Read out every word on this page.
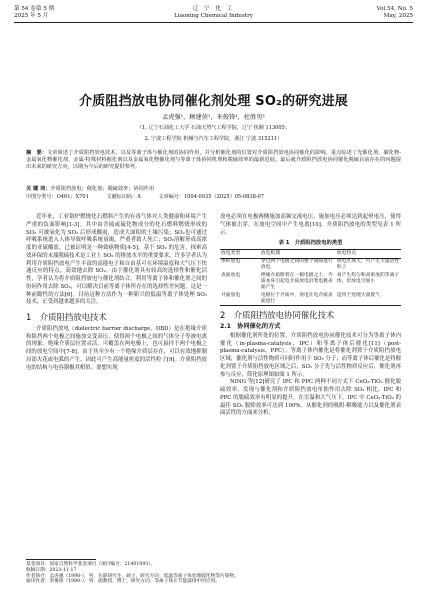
第 54 卷第 5 期
2025 年 5 月
辽 宁 化 工
Liaoning Chemical Industry
Vol.54, No. 5
May, 2025
介质阻挡放电协同催化剂处理 SO₂的研究进展
孟虎强¹，顾建侦¹，米俊锋¹，杜胜男²
（1. 辽宁石油化工大学 石油天然气工程学院，辽宁 抚顺 113005；
2. 宁波工程学院 机械与汽车工程学院，浙江 宁波 315211）
摘　要：文章简述了介质阻挡放电技术、以及等离子体与催化剂的协同作用，并分析催化剂的位置对介质阻挡放电协同催化的影响。重点综述了光催化剂、碳化物-金属氧化物催化剂、金属-特殊材料催化剂以及金属氧化物催化剂与等离子体协同机理和脱硫效率的最新进展。最后就介质阻挡放电协同催化脱硫目前存在的问题提出未来的研究方向，以期为今后的研究提供参考。
关 键 词：介质阻挡放电；催化剂；脱硫效率；协同作用
中图分类号：O461；X701	文献标识码：A	文章编号：1004-0935（2025）05-0838-07

近年来，工业锅炉燃烧化石燃料产生的有毒气体对人类健康和环境产生严重的负面影响[1-3]。其中由含硫或硫化物成分的化石燃料燃烧形成的 SO₂ 可被氧化为 SO₃ 后形成酸雨，造成大面积的土壤污染；SO₂也可通过呼吸系统进入人体导致呼吸系统衰竭，严重者致人死亡；SO₂溶解形成高浓度的亚硫酸盐，已被证明是一种致癌物质[4-5]。基于 SO₂ 的危害，探索高效环保的末端脱硫技术是工业上 SO₂ 的排放水平的重要要求。许多学者认为利用介质阻挡放电产生丰富的高能电子和自由基可在环境温度和大气压下快速反应的特点，高效地去除 SO₂。由于催化剂具有较高的选择性和催化活性，学者认为将介质阻挡放电与催化剂结合，利用等离子体和催化剂之间的协同作用去除 SO₂，可以解决目前等离子体所存在的选择性差问题，这是一种前瞻性的方法[6]。目前这种方法作为一种新兴的低温等离子体处理 SO₂ 技术，正受到越来越多的关注。

1　介质阻挡放电技术

介质阻挡放电（dielectric barrier discharge，DBD）是在绝缘介质和阻挡两个电极之间施加交变高压，使得两个电极之间的气体分子等被电离的现象。绝缘介质层位置灵活，可覆盖在两电极上，也可悬挂于两个电极之间的放电空间中[7-8]。由于其至少有一个绝缘介质层存在，可以有效地抑制局部火花或电弧的产生，因此可产生高能量密度的活性粒子[9]。介质阻挡放电的结构与电容器极其相似。要想实现

放电必须在电极两侧施加高频交流电压。施加电压必须达到起晕电压，使得气体被击穿，在放电空间中产生电离[10]。介质阻挡放电的类型见表 1 所示。

表 1　介质阻挡放电的类型

放电类型	放电机理	放电特点
体积放电	穿过两个电极之间的整个间隙进行放电	放电区域大，可产生大量活性粒子
表面放电	绝缘介质附着在一根电极之上，介质本身引起电介质放电沿着电极表面产生	易产生均匀和高密度的等离子体，但放电空间小
共面放电	电极位于介质中，放电在电介质表面进行	适用于处理大量废气

2　介质阻挡放电协同催化技术

2.1　协同催化的方式

根据催化剂所处的位置，介质阻挡放电协同催化技术可分为等离子体内催化（in-plasma-catalysis，IPC）和等离子体后催化[11]（post-plasma-catalysis，PPC）。等离子体内催化是将催化剂置于介质阻挡放电区域，催化剂与活性物质可同时作用于 SO₂ 分子；而等离子体后催化是将催化剂置于介质阻挡放电区域之后，SO₂ 分子先与活性物质反应后，催化剂再参与反应，简化原理图如图 1 所示。

NING 等[12]研究了 IPC 和 PPC 两种不同方式下 CeO₂-TiO₂ 催化脱硫效率，发现与催化剂和介质阻挡放电单独作用去除 SO₂ 相比，IPC 和 PPC 的脱硫效率有明显的提升。在室温和大气压下，IPC 中 CeO₂-TiO₂ 的最佳 SO₂ 脱除效率可达到 100%。从催化剂的吸附-解吸能力以及催化剂表面活性的方面来分析，

基金项目：国家自然科学基金项目（项目编号：21401093）。
收稿日期：2023-11-17
作者简介：孟虎强（1998-），男，在职研究生，硕士，研究方向：低温等离子体处理硫化物等污染物。
通讯作者：米俊锋（1980-），男，副教授，博士，研究方向：等离子体在节能减排中的应用。
